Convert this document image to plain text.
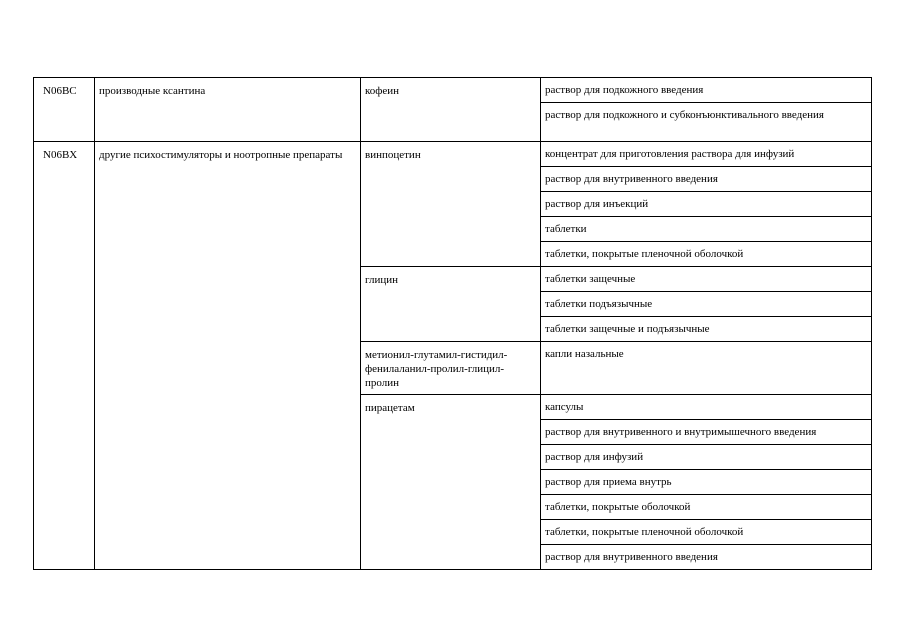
N06BC	производные ксантина	кофеин	раствор для подкожного введения
			раствор для подкожного и субконъюнктивального введения
N06BX	другие психостимуляторы и ноотропные препараты	винпоцетин	концентрат для приготовления раствора для инфузий
			раствор для внутривенного введения
			раствор для инъекций
			таблетки
			таблетки, покрытые пленочной оболочкой
		глицин	таблетки защечные
			таблетки подъязычные
			таблетки защечные и подъязычные
		метионил-глутамил-гистидил-фенилаланил-пролил-глицил-пролин	капли назальные
		пирацетам	капсулы
			раствор для внутривенного и внутримышечного введения
			раствор для инфузий
			раствор для приема внутрь
			таблетки, покрытые оболочкой
			таблетки, покрытые пленочной оболочкой
			раствор для внутривенного введения
